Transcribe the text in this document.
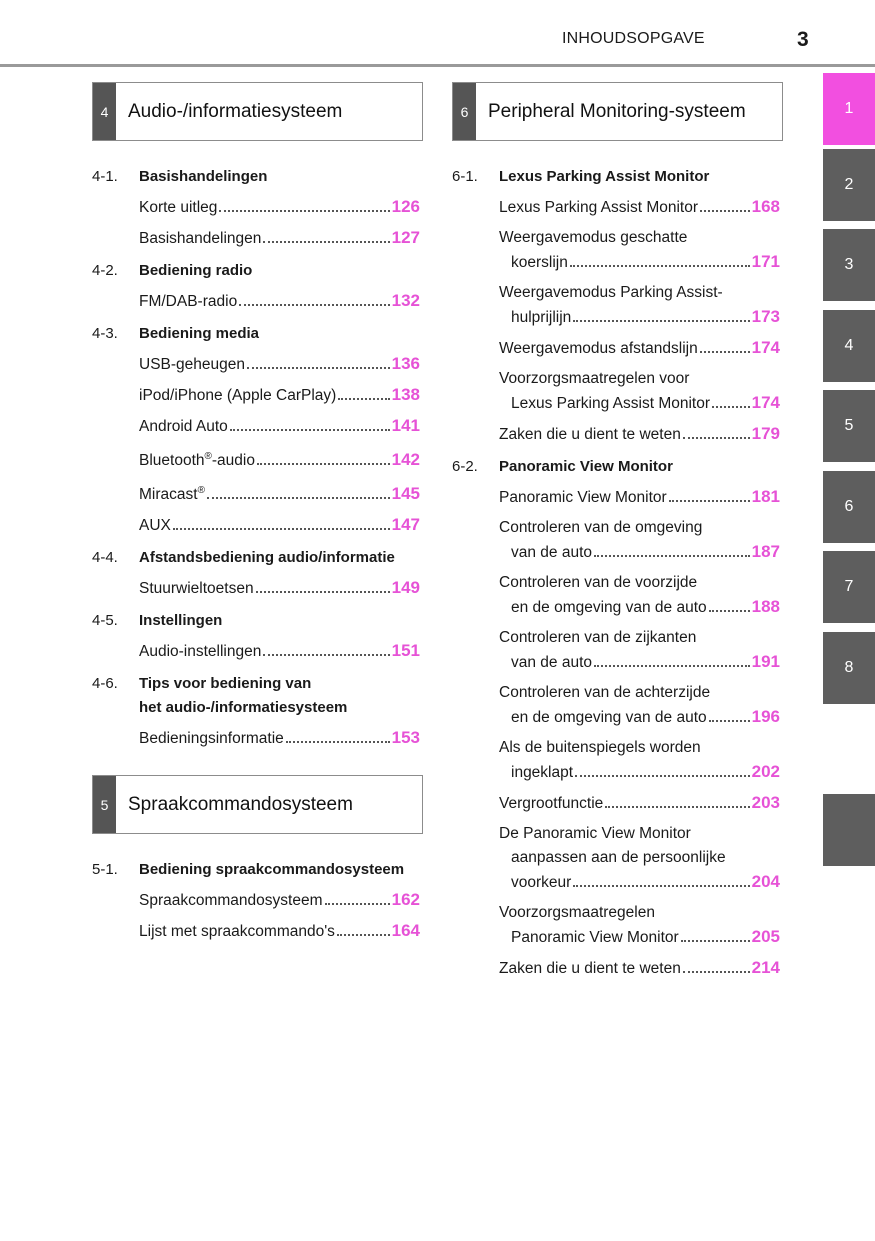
INHOUDSOPGAVE	3
4	Audio-/informatiesysteem
4-1. Basishandelingen
Korte uitleg	126
Basishandelingen	127
4-2. Bediening radio
FM/DAB-radio	132
4-3. Bediening media
USB-geheugen	136
iPod/iPhone (Apple CarPlay)	138
Android Auto	141
Bluetooth®-audio	142
Miracast®	145
AUX	147
4-4. Afstandsbediening audio/informatie
Stuurwieltoetsen	149
4-5. Instellingen
Audio-instellingen	151
4-6. Tips voor bediening van
het audio-/informatiesysteem
Bedieningsinformatie	153
5	Spraakcommandosysteem
5-1. Bediening spraakcommandosysteem
Spraakcommandosysteem	162
Lijst met spraakcommando's	164
6	Peripheral Monitoring-systeem
6-1. Lexus Parking Assist Monitor
Lexus Parking Assist Monitor	168
Weergavemodus geschatte
koerslijn	171
Weergavemodus Parking Assist-
hulprijlijn	173
Weergavemodus afstandslijn	174
Voorzorgsmaatregelen voor
Lexus Parking Assist Monitor 174
Zaken die u dient te weten	179
6-2. Panoramic View Monitor
Panoramic View Monitor	181
Controleren van de omgeving
van de auto	187
Controleren van de voorzijde
en de omgeving van de auto	188
Controleren van de zijkanten
van de auto	191
Controleren van de achterzijde
en de omgeving van de auto	196
Als de buitenspiegels worden
ingeklapt	202
Vergrootfunctie	203
De Panoramic View Monitor
aanpassen aan de persoonlijke
voorkeur	204
Voorzorgsmaatregelen
Panoramic View Monitor	205
Zaken die u dient te weten	214
1
2
3
4
5
6
7
8
